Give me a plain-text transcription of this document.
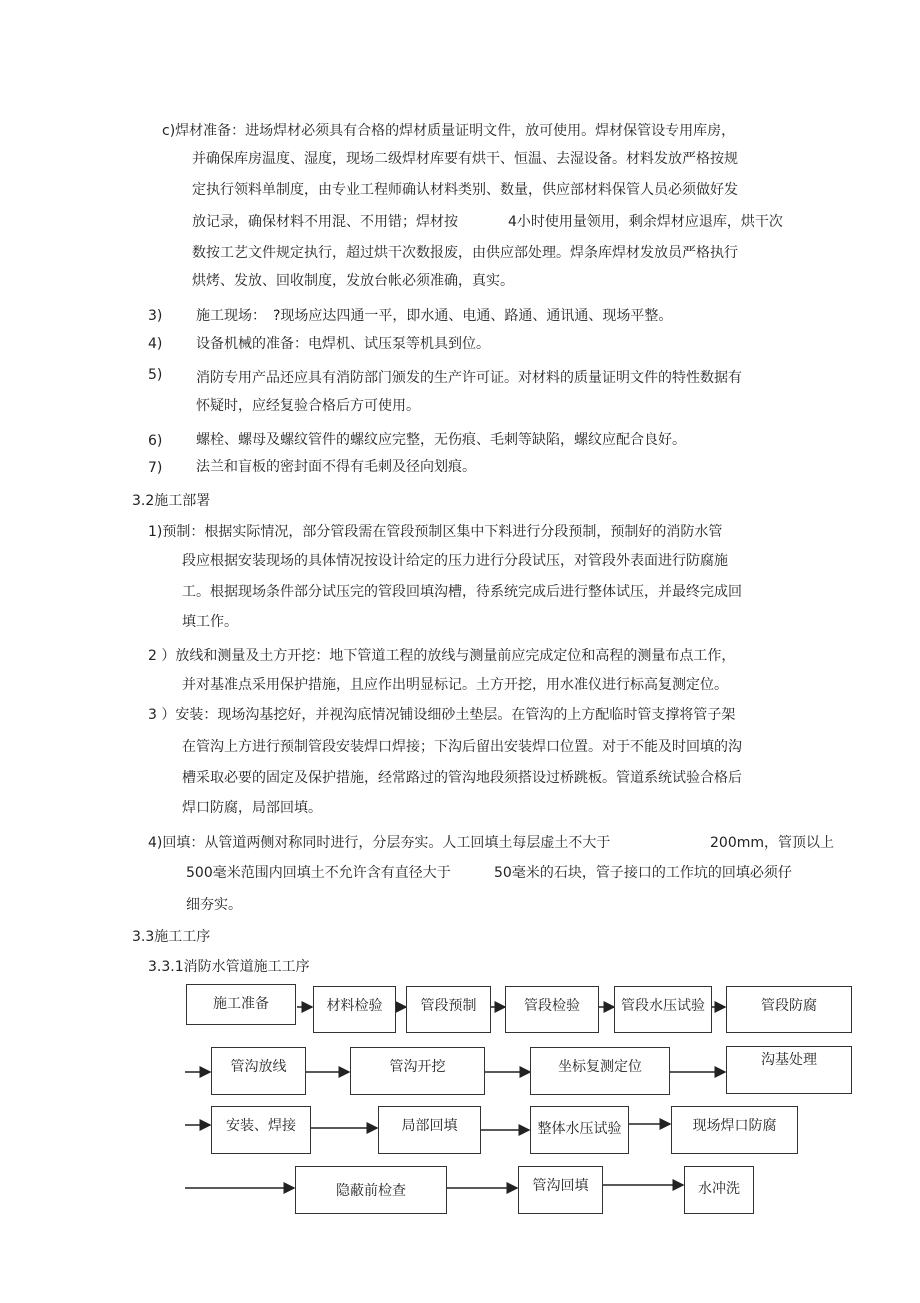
c)焊材准备：进场焊材必须具有合格的焊材质量证明文件，放可使用。焊材保管设专用库房，
并确保库房温度、湿度，现场二级焊材库要有烘干、恒温、去湿设备。材料发放严格按规
定执行领料单制度，由专业工程师确认材料类别、数量，供应部材料保管人员必须做好发
放记录，确保材料不用混、不用错；焊材按	4小时使用量领用，剩余焊材应退库，烘干次
数按工艺文件规定执行，超过烘干次数报废，由供应部处理。焊条库焊材发放员严格执行
烘烤、发放、回收制度，发放台帐必须准确，真实。
3) 施工现场：　?现场应达四通一平，即水通、电通、路通、通讯通、现场平整。
4) 设备机械的准备：电焊机、试压泵等机具到位。
5) 消防专用产品还应具有消防部门颁发的生产许可证。对材料的质量证明文件的特性数据有
怀疑时，应经复验合格后方可使用。
6) 螺栓、螺母及螺纹管件的螺纹应完整，无伤痕、毛刺等缺陷，螺纹应配合良好。
7) 法兰和盲板的密封面不得有毛刺及径向划痕。
3.2施工部署
1)预制：根据实际情况，部分管段需在管段预制区集中下料进行分段预制，预制好的消防水管
段应根据安装现场的具体情况按设计给定的压力进行分段试压，对管段外表面进行防腐施
工。根据现场条件部分试压完的管段回填沟槽，待系统完成后进行整体试压，并最终完成回
填工作。
2 ）放线和测量及土方开挖：地下管道工程的放线与测量前应完成定位和高程的测量布点工作，
并对基准点采用保护措施，且应作出明显标记。土方开挖，用水准仪进行标高复测定位。
3 ）安装：现场沟基挖好，并视沟底情况铺设细砂土垫层。在管沟的上方配临时管支撑将管子架
在管沟上方进行预制管段安装焊口焊接；下沟后留出安装焊口位置。对于不能及时回填的沟
槽采取必要的固定及保护措施，经常路过的管沟地段须搭设过桥跳板。管道系统试验合格后
焊口防腐，局部回填。
4)回填：从管道两侧对称同时进行，分层夯实。人工回填土每层虚土不大于	200mm，管顶以上
500毫米范围内回填土不允许含有直径大于	50毫米的石块，管子接口的工作坑的回填必须仔
细夯实。
3.3施工工序
3.3.1消防水管道施工工序
施工准备	材料检验	管段预制	管段检验	管段水压试验	管段防腐
管沟放线	管沟开挖	坐标复测定位	沟基处理
安装、焊接	局部回填	整体水压试验	现场焊口防腐
隐蔽前检查	管沟回填	水冲洗
